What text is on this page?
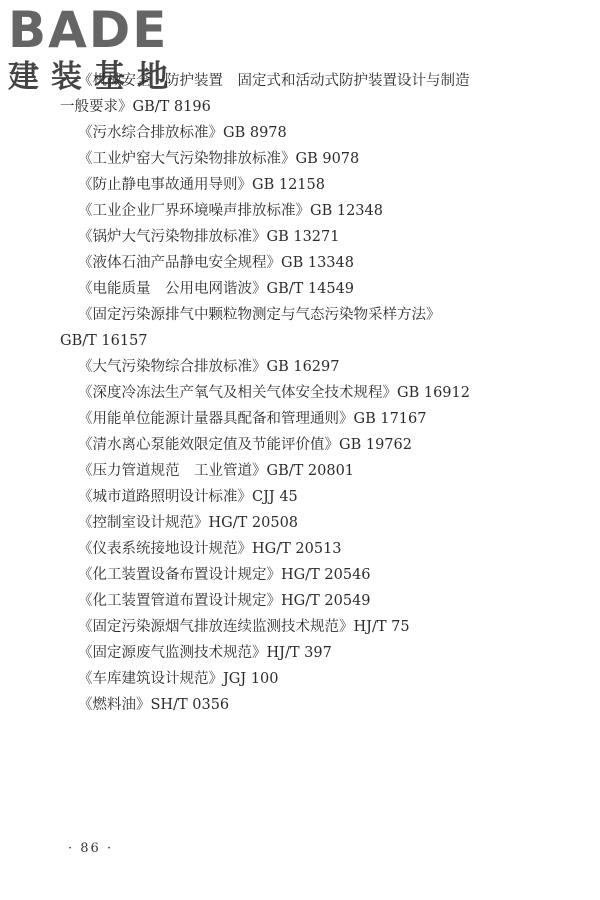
BADE
建装基地
《机械安全　防护装置　固定式和活动式防护装置设计与制造
一般要求》GB/T 8196
《污水综合排放标准》GB 8978
《工业炉窑大气污染物排放标准》GB 9078
《防止静电事故通用导则》GB 12158
《工业企业厂界环境噪声排放标准》GB 12348
《锅炉大气污染物排放标准》GB 13271
《液体石油产品静电安全规程》GB 13348
《电能质量　公用电网谐波》GB/T 14549
《固定污染源排气中颗粒物测定与气态污染物采样方法》
GB/T 16157
《大气污染物综合排放标准》GB 16297
《深度冷冻法生产氧气及相关气体安全技术规程》GB 16912
《用能单位能源计量器具配备和管理通则》GB 17167
《清水离心泵能效限定值及节能评价值》GB 19762
《压力管道规范　工业管道》GB/T 20801
《城市道路照明设计标准》CJJ 45
《控制室设计规范》HG/T 20508
《仪表系统接地设计规范》HG/T 20513
《化工装置设备布置设计规定》HG/T 20546
《化工装置管道布置设计规定》HG/T 20549
《固定污染源烟气排放连续监测技术规范》HJ/T 75
《固定源废气监测技术规范》HJ/T 397
《车库建筑设计规范》JGJ 100
《燃料油》SH/T 0356
· 86 ·
